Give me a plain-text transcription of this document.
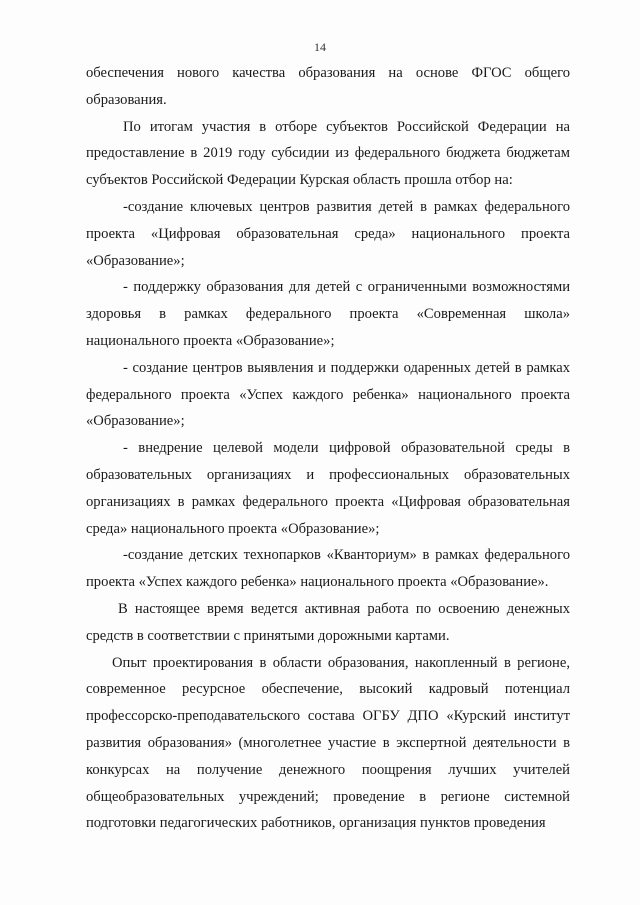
14

обеспечения нового качества образования на основе ФГОС общего образования.

По итогам участия в отборе субъектов Российской Федерации на предоставление в 2019 году субсидии из федерального бюджета бюджетам субъектов Российской Федерации Курская область прошла отбор на:

-создание ключевых центров развития детей в рамках федерального проекта «Цифровая образовательная среда» национального проекта «Образование»;

- поддержку образования для детей с ограниченными возможностями здоровья в рамках федерального проекта «Современная школа» национального проекта «Образование»;

- создание центров выявления и поддержки одаренных детей в рамках федерального проекта «Успех каждого ребенка» национального проекта «Образование»;

- внедрение целевой модели цифровой образовательной среды в образовательных организациях и профессиональных образовательных организациях в рамках федерального проекта «Цифровая образовательная среда» национального проекта «Образование»;

-создание детских технопарков «Кванториум» в рамках федерального проекта «Успех каждого ребенка» национального проекта «Образование».

В настоящее время ведется активная работа по освоению денежных средств в соответствии с принятыми дорожными картами.

Опыт проектирования в области образования, накопленный в регионе, современное ресурсное обеспечение, высокий кадровый потенциал профессорско-преподавательского состава ОГБУ ДПО «Курский институт развития образования» (многолетнее участие в экспертной деятельности в конкурсах на получение денежного поощрения лучших учителей общеобразовательных учреждений; проведение в регионе системной подготовки педагогических работников, организация пунктов проведения
